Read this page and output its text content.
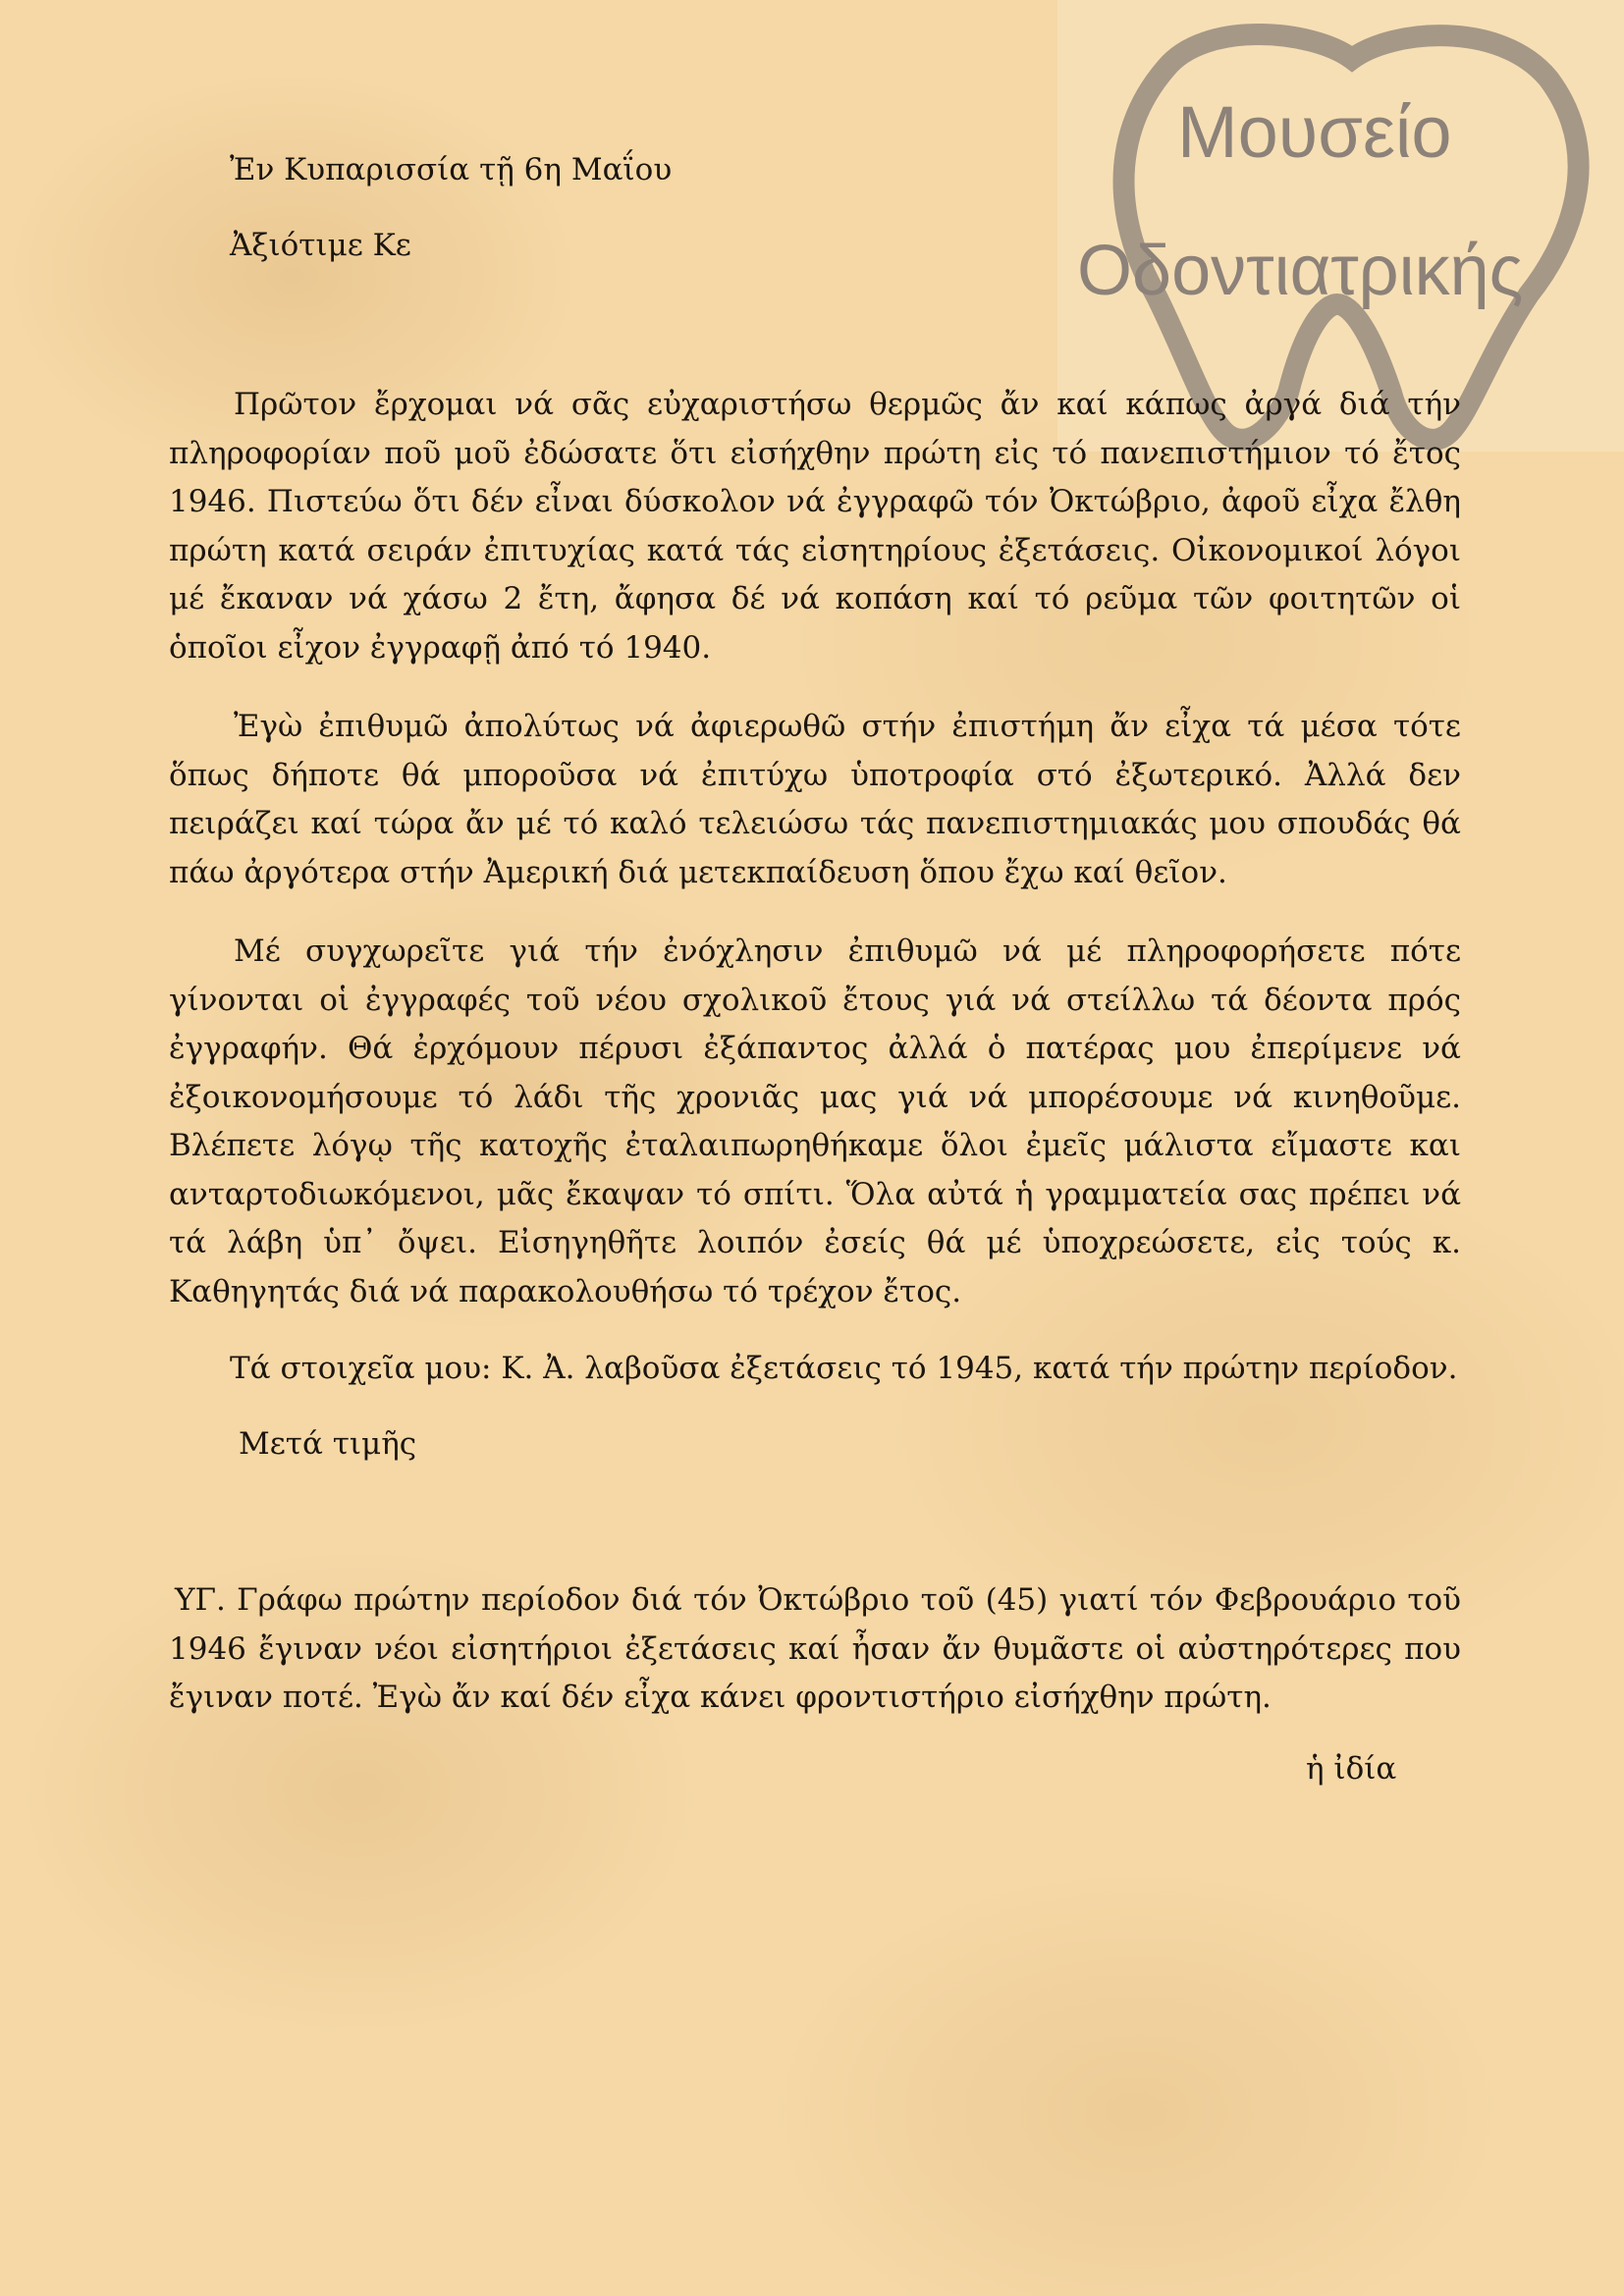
Μουσείο
Οδοντιατρικής
Ἐν Κυπαρισσία τῇ 6η Μαΐου
Ἀξιότιμε Κε

Πρῶτον ἔρχομαι νά σᾶς εὐχαριστήσω θερμῶς ἄν καί κάπως ἀργά διά τήν πληροφορίαν ποῦ μοῦ ἐδώσατε ὅτι εἰσήχθην πρώτη εἰς τό πανεπιστήμιον τό ἔτος 1946. Πιστεύω ὅτι δέν εἶναι δύσκολον νά ἐγγραφῶ τόν Ὀκτώβριο, ἀφοῦ εἶχα ἔλθη πρώτη κατά σειράν ἐπιτυχίας κατά τάς εἰσητηρίους ἐξετάσεις. Οἰκονομικοί λόγοι μέ ἔκαναν νά χάσω 2 ἔτη, ἄφησα δέ νά κοπάση καί τό ρεῦμα τῶν φοιτητῶν οἱ ὁποῖοι εἶχον ἐγγραφῇ ἀπό τό 1940.

Ἐγὼ ἐπιθυμῶ ἀπολύτως νά ἀφιερωθῶ στήν ἐπιστήμη ἄν εἶχα τά μέσα τότε ὅπως δήποτε θά μποροῦσα νά ἐπιτύχω ὑποτροφία στό ἐξωτερικό. Ἀλλά δεν πειράζει καί τώρα ἄν μέ τό καλό τελειώσω τάς πανεπιστημιακάς μου σπουδάς θά πάω ἀργότερα στήν Ἀμερική διά μετεκπαίδευση ὅπου ἔχω καί θεῖον.

Μέ συγχωρεῖτε γιά τήν ἐνόχλησιν ἐπιθυμῶ νά μέ πληροφορήσετε πότε γίνονται οἱ ἐγγραφές τοῦ νέου σχολικοῦ ἔτους γιά νά στείλλω τά δέοντα πρός ἐγγραφήν. Θά ἐρχόμουν πέρυσι ἐξάπαντος ἀλλά ὁ πατέρας μου ἐπερίμενε νά ἐξοικονομήσουμε τό λάδι τῆς χρονιᾶς μας γιά νά μπορέσουμε νά κινηθοῦμε. Βλέπετε λόγῳ τῆς κατοχῆς ἐταλαιπωρηθήκαμε ὅλοι ἐμεῖς μάλιστα εἴμαστε και ανταρτοδιωκόμενοι, μᾶς ἔκαψαν τό σπίτι. Ὅλα αὐτά ἡ γραμματεία σας πρέπει νά τά λάβη ὑπ᾽ ὄψει. Εἰσηγηθῆτε λοιπόν ἐσείς θά μέ ὑποχρεώσετε, εἰς τούς κ. Καθηγητάς διά νά παρακολουθήσω τό τρέχον ἔτος.

Τά στοιχεῖα μου: Κ. Ἀ. λαβοῦσα ἐξετάσεις τό 1945, κατά τήν πρώτην περίοδον.
Μετά τιμῆς

ΥΓ. Γράφω πρώτην περίοδον διά τόν Ὀκτώβριο τοῦ (45) γιατί τόν Φεβρουάριο τοῦ 1946 ἔγιναν νέοι εἰσητήριοι ἐξετάσεις καί ἦσαν ἄν θυμᾶστε οἱ αὐστηρότερες που ἔγιναν ποτέ. Ἐγὼ ἄν καί δέν εἶχα κάνει φροντιστήριο εἰσήχθην πρώτη.

ἡ ἰδία
